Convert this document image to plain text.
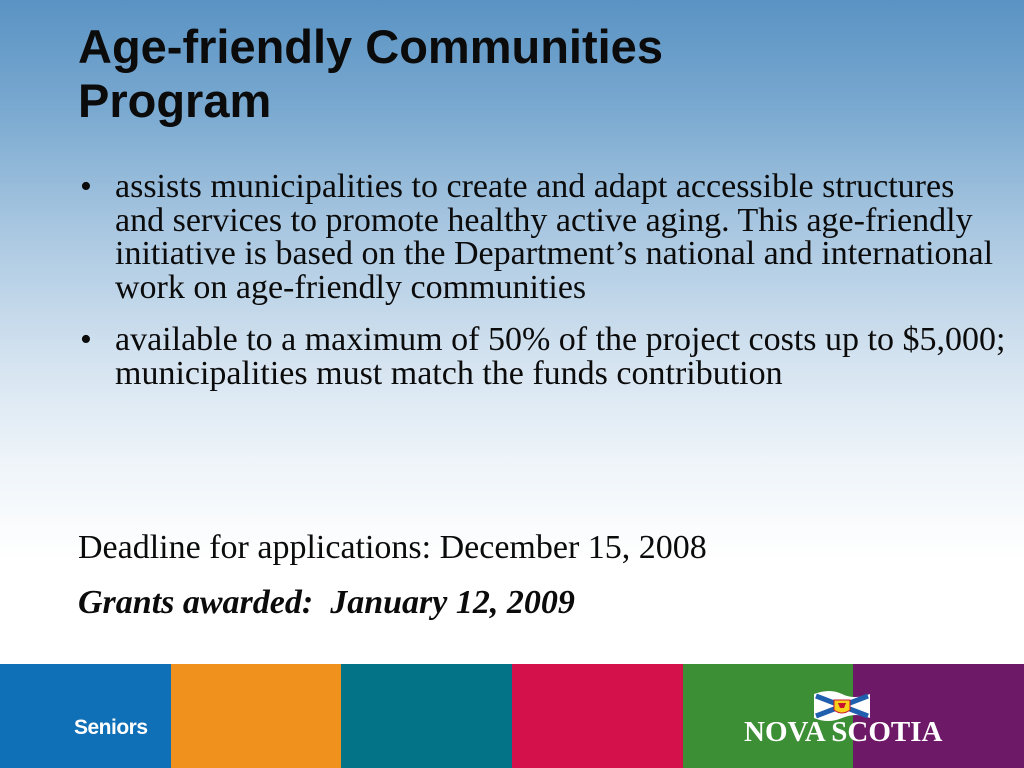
Age-friendly Communities
Program
• assists municipalities to create and adapt accessible structures and services to promote healthy active aging. This age-friendly initiative is based on the Department’s national and international work on age-friendly communities
• available to a maximum of 50% of the project costs up to $5,000; municipalities must match the funds contribution

Deadline for applications: December 15, 2008

Grants awarded:  January 12, 2009

Seniors	NOVA SCOTIA
